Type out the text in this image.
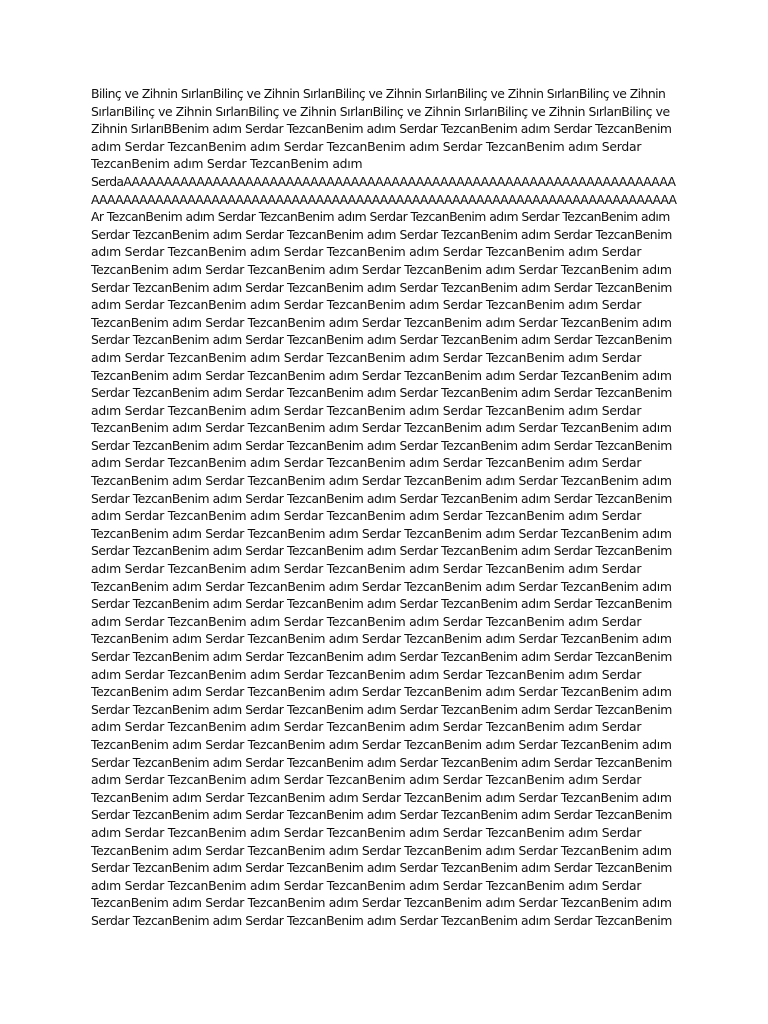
Bilinç ve Zihnin SırlarıBilinç ve Zihnin SırlarıBilinç ve Zihnin SırlarıBilinç ve Zihnin SırlarıBilinç ve Zihnin
SırlarıBilinç ve Zihnin SırlarıBilinç ve Zihnin SırlarıBilinç ve Zihnin SırlarıBilinç ve Zihnin SırlarıBilinç ve
Zihnin SırlarıBBenim adım Serdar TezcanBenim adım Serdar TezcanBenim adım Serdar TezcanBenim
adım Serdar TezcanBenim adım Serdar TezcanBenim adım Serdar TezcanBenim adım Serdar
TezcanBenim adım Serdar TezcanBenim adım
SerdaAAAAAAAAAAAAAAAAAAAAAAAAAAAAAAAAAAAAAAAAAAAAAAAAAAAAAAAAAAAAAAAAAAAA
AAAAAAAAAAAAAAAAAAAAAAAAAAAAAAAAAAAAAAAAAAAAAAAAAAAAAAAAAAAAAAAAAAAAAAAAA
Ar TezcanBenim adım Serdar TezcanBenim adım Serdar TezcanBenim adım Serdar TezcanBenim adım
Serdar TezcanBenim adım Serdar TezcanBenim adım Serdar TezcanBenim adım Serdar TezcanBenim
adım Serdar TezcanBenim adım Serdar TezcanBenim adım Serdar TezcanBenim adım Serdar
TezcanBenim adım Serdar TezcanBenim adım Serdar TezcanBenim adım Serdar TezcanBenim adım
Serdar TezcanBenim adım Serdar TezcanBenim adım Serdar TezcanBenim adım Serdar TezcanBenim
adım Serdar TezcanBenim adım Serdar TezcanBenim adım Serdar TezcanBenim adım Serdar
TezcanBenim adım Serdar TezcanBenim adım Serdar TezcanBenim adım Serdar TezcanBenim adım
Serdar TezcanBenim adım Serdar TezcanBenim adım Serdar TezcanBenim adım Serdar TezcanBenim
adım Serdar TezcanBenim adım Serdar TezcanBenim adım Serdar TezcanBenim adım Serdar
TezcanBenim adım Serdar TezcanBenim adım Serdar TezcanBenim adım Serdar TezcanBenim adım
Serdar TezcanBenim adım Serdar TezcanBenim adım Serdar TezcanBenim adım Serdar TezcanBenim
adım Serdar TezcanBenim adım Serdar TezcanBenim adım Serdar TezcanBenim adım Serdar
TezcanBenim adım Serdar TezcanBenim adım Serdar TezcanBenim adım Serdar TezcanBenim adım
Serdar TezcanBenim adım Serdar TezcanBenim adım Serdar TezcanBenim adım Serdar TezcanBenim
adım Serdar TezcanBenim adım Serdar TezcanBenim adım Serdar TezcanBenim adım Serdar
TezcanBenim adım Serdar TezcanBenim adım Serdar TezcanBenim adım Serdar TezcanBenim adım
Serdar TezcanBenim adım Serdar TezcanBenim adım Serdar TezcanBenim adım Serdar TezcanBenim
adım Serdar TezcanBenim adım Serdar TezcanBenim adım Serdar TezcanBenim adım Serdar
TezcanBenim adım Serdar TezcanBenim adım Serdar TezcanBenim adım Serdar TezcanBenim adım
Serdar TezcanBenim adım Serdar TezcanBenim adım Serdar TezcanBenim adım Serdar TezcanBenim
adım Serdar TezcanBenim adım Serdar TezcanBenim adım Serdar TezcanBenim adım Serdar
TezcanBenim adım Serdar TezcanBenim adım Serdar TezcanBenim adım Serdar TezcanBenim adım
Serdar TezcanBenim adım Serdar TezcanBenim adım Serdar TezcanBenim adım Serdar TezcanBenim
adım Serdar TezcanBenim adım Serdar TezcanBenim adım Serdar TezcanBenim adım Serdar
TezcanBenim adım Serdar TezcanBenim adım Serdar TezcanBenim adım Serdar TezcanBenim adım
Serdar TezcanBenim adım Serdar TezcanBenim adım Serdar TezcanBenim adım Serdar TezcanBenim
adım Serdar TezcanBenim adım Serdar TezcanBenim adım Serdar TezcanBenim adım Serdar
TezcanBenim adım Serdar TezcanBenim adım Serdar TezcanBenim adım Serdar TezcanBenim adım
Serdar TezcanBenim adım Serdar TezcanBenim adım Serdar TezcanBenim adım Serdar TezcanBenim
adım Serdar TezcanBenim adım Serdar TezcanBenim adım Serdar TezcanBenim adım Serdar
TezcanBenim adım Serdar TezcanBenim adım Serdar TezcanBenim adım Serdar TezcanBenim adım
Serdar TezcanBenim adım Serdar TezcanBenim adım Serdar TezcanBenim adım Serdar TezcanBenim
adım Serdar TezcanBenim adım Serdar TezcanBenim adım Serdar TezcanBenim adım Serdar
TezcanBenim adım Serdar TezcanBenim adım Serdar TezcanBenim adım Serdar TezcanBenim adım
Serdar TezcanBenim adım Serdar TezcanBenim adım Serdar TezcanBenim adım Serdar TezcanBenim
adım Serdar TezcanBenim adım Serdar TezcanBenim adım Serdar TezcanBenim adım Serdar
TezcanBenim adım Serdar TezcanBenim adım Serdar TezcanBenim adım Serdar TezcanBenim adım
Serdar TezcanBenim adım Serdar TezcanBenim adım Serdar TezcanBenim adım Serdar TezcanBenim
adım Serdar TezcanBenim adım Serdar TezcanBenim adım Serdar TezcanBenim adım Serdar
TezcanBenim adım Serdar TezcanBenim adım Serdar TezcanBenim adım Serdar TezcanBenim adım
Serdar TezcanBenim adım Serdar TezcanBenim adım Serdar TezcanBenim adım Serdar TezcanBenim
